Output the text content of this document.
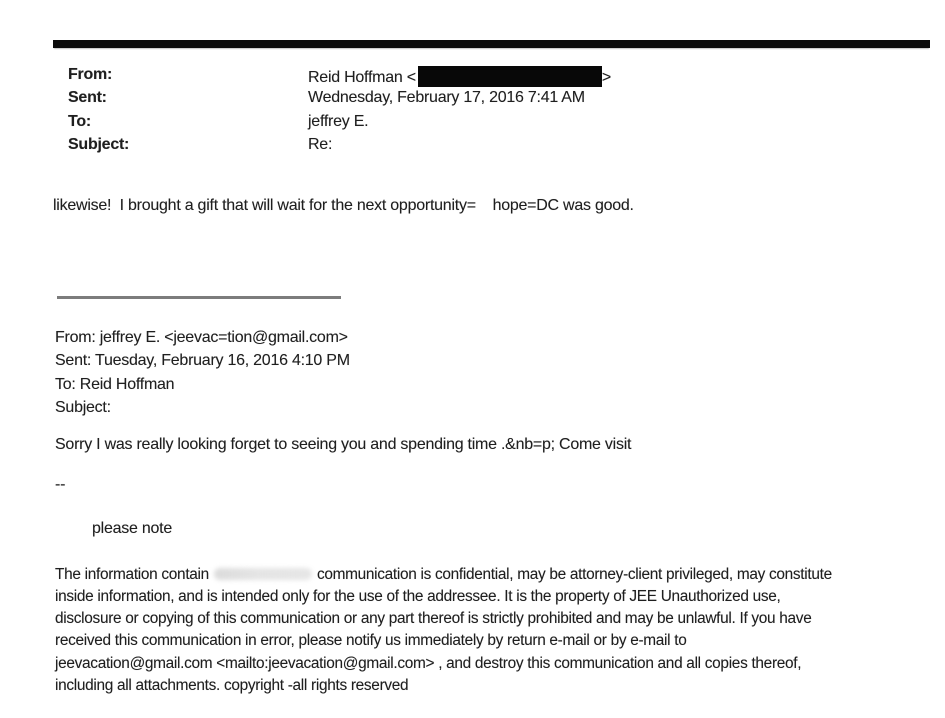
From:	Reid Hoffman <	>
Sent:	Wednesday, February 17, 2016 7:41 AM
To:	jeffrey E.
Subject:	Re:
likewise!  I brought a gift that will wait for the next opportunity=    hope=DC was good.
From: jeffrey E. <jeevac=tion@gmail.com>
Sent: Tuesday, February 16, 2016 4:10 PM
To: Reid Hoffman
Subject:
Sorry I was really looking forget to seeing you and spending time .&nb=p; Come visit
--
please note
The information contain	communication is confidential, may be attorney-client privileged, may constitute
inside information, and is intended only for the use of the addressee. It is the property of JEE Unauthorized use,
disclosure or copying of this communication or any part thereof is strictly prohibited and may be unlawful. If you have
received this communication in error, please notify us immediately by return e-mail or by e-mail to
jeevacation@gmail.com <mailto:jeevacation@gmail.com> , and destroy this communication and all copies thereof,
including all attachments. copyright -all rights reserved
